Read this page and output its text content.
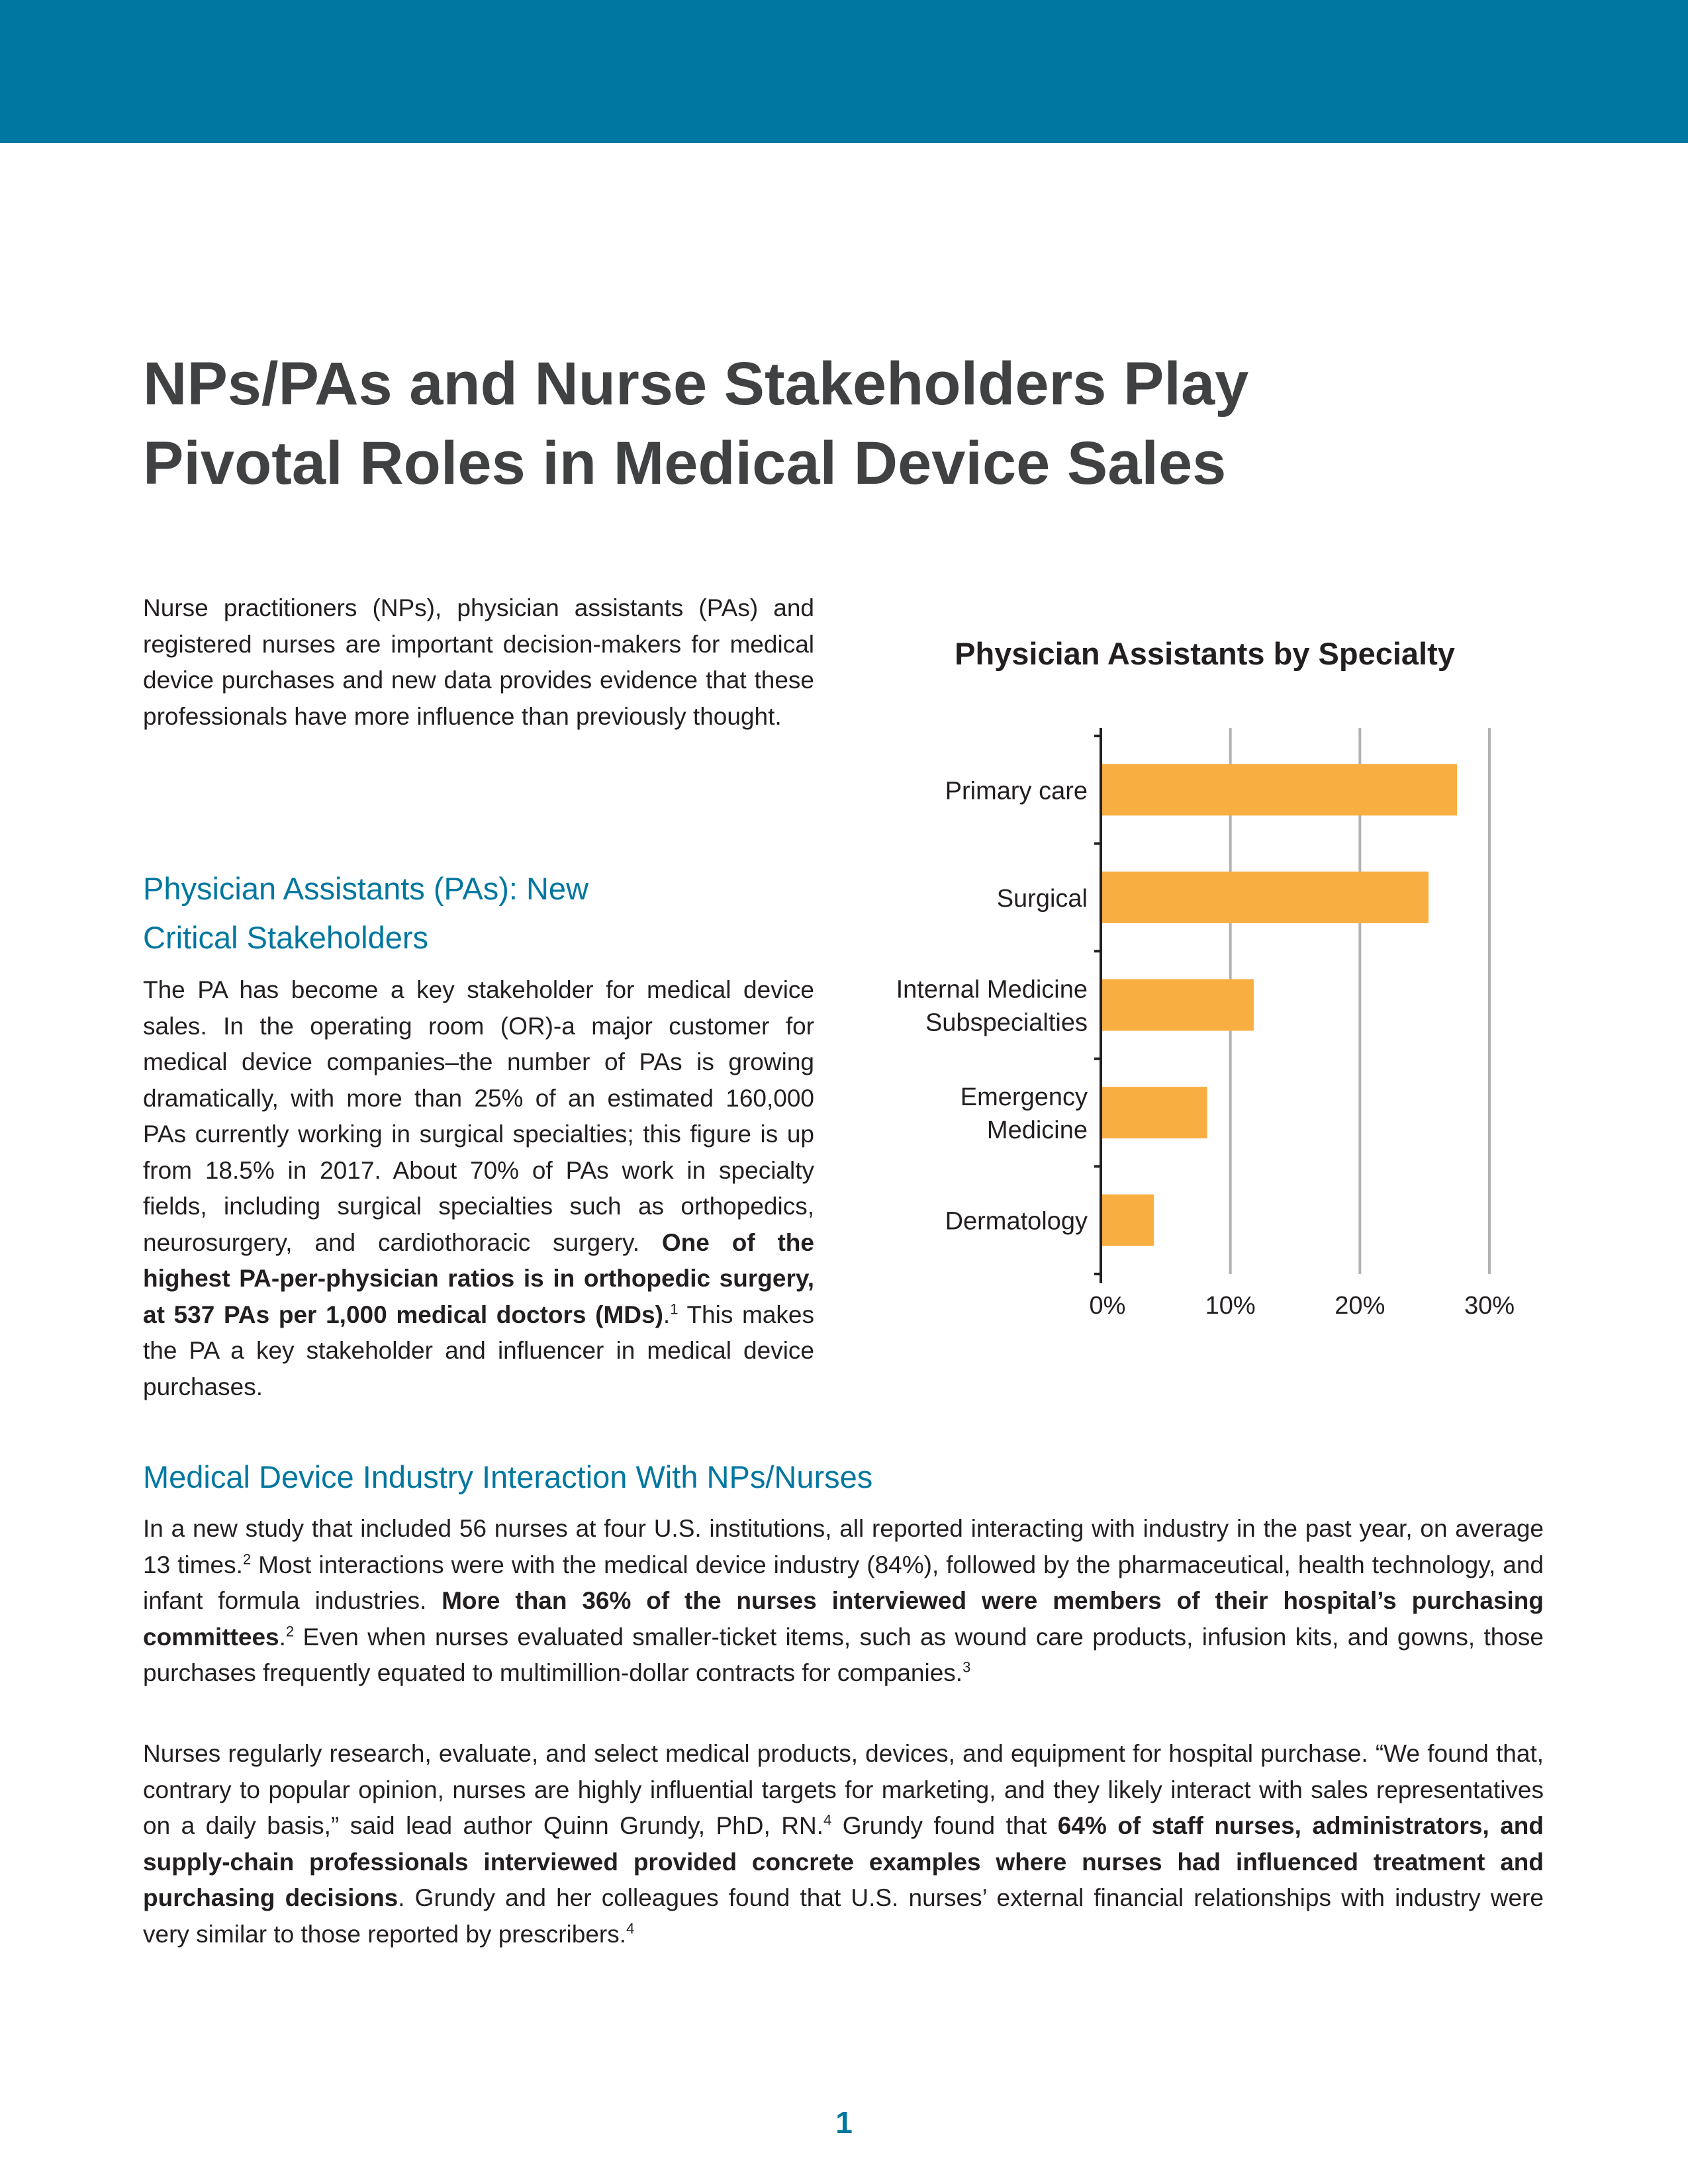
NPs/PAs and Nurse Stakeholders Play
Pivotal Roles in Medical Device Sales

Nurse practitioners (NPs), physician assistants (PAs) and registered nurses are important decision-makers for medical device purchases and new data provides evidence that these professionals have more influence than previously thought.

Physician Assistants (PAs): New
Critical Stakeholders

The PA has become a key stakeholder for medical device sales. In the operating room (OR)-a major customer for medical device companies–the number of PAs is growing dramatically, with more than 25% of an estimated 160,000 PAs currently working in surgical specialties; this figure is up from 18.5% in 2017. About 70% of PAs work in specialty fields, including surgical specialties such as orthopedics, neurosurgery, and cardiothoracic surgery. One of the highest PA-per-physician ratios is in orthopedic surgery, at 537 PAs per 1,000 medical doctors (MDs).$^1$ This makes the PA a key stakeholder and influencer in medical device purchases.

Physician Assistants by Specialty
Primary care
Surgical
Internal Medicine
Subspecialties
Emergency
Medicine
Dermatology
0%	10%	20%	30%
Medical Device Industry Interaction With NPs/Nurses

In a new study that included 56 nurses at four U.S. institutions, all reported interacting with industry in the past year, on average 13 times.$^2$ Most interactions were with the medical device industry (84%), followed by the pharmaceutical, health technology, and infant formula industries. More than 36% of the nurses interviewed were members of their hospital’s purchasing committees.$^2$ Even when nurses evaluated smaller-ticket items, such as wound care products, infusion kits, and gowns, those purchases frequently equated to multimillion-dollar contracts for companies.$^3$

Nurses regularly research, evaluate, and select medical products, devices, and equipment for hospital purchase. “We found that, contrary to popular opinion, nurses are highly influential targets for marketing, and they likely interact with sales representatives on a daily basis,” said lead author Quinn Grundy, PhD, RN.$^4$ Grundy found that 64% of staff nurses, administrators, and supply-chain professionals interviewed provided concrete examples where nurses had influenced treatment and purchasing decisions. Grundy and her colleagues found that U.S. nurses’ external financial relationships with industry were very similar to those reported by prescribers.$^4$

1
